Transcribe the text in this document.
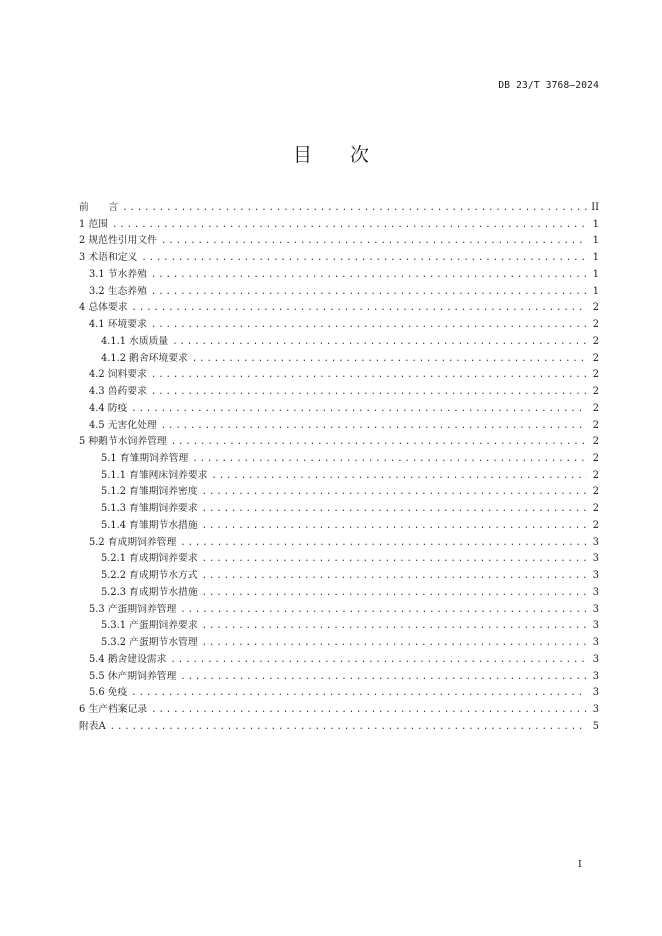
DB 23/T 3768—2024
目　　次
前　　言 .....	II
1 范围 .....	1
2 规范性引用文件 .....	1
3 术语和定义 .....	1
3.1 节水养殖 .....	1
3.2 生态养殖 .....	1
4 总体要求 .....	2
4.1 环境要求 .....	2
4.1.1 水质质量 .....	2
4.1.2 鹅舍环境要求 .....	2
4.2 饲料要求 .....	2
4.3 兽药要求 .....	2
4.4 防疫 .....	2
4.5 无害化处理 .....	2
5 种鹅节水饲养管理 .....	2
5.1 育雏期饲养管理 .....	2
5.1.1 育雏网床饲养要求 .....	2
5.1.2 育雏期饲养密度 .....	2
5.1.3 育雏期饲养要求 .....	2
5.1.4 育雏期节水措施 .....	2
5.2 育成期饲养管理 .....	3
5.2.1 育成期饲养要求 .....	3
5.2.2 育成期节水方式 .....	3
5.2.3 育成期节水措施 .....	3
5.3 产蛋期饲养管理 .....	3
5.3.1 产蛋期饲养要求 .....	3
5.3.2 产蛋期节水管理 .....	3
5.4 鹅舍建设需求 .....	3
5.5 休产期饲养管理 .....	3
5.6 免疫 .....	3
6 生产档案记录 .....	3
附表A .....	5
I
